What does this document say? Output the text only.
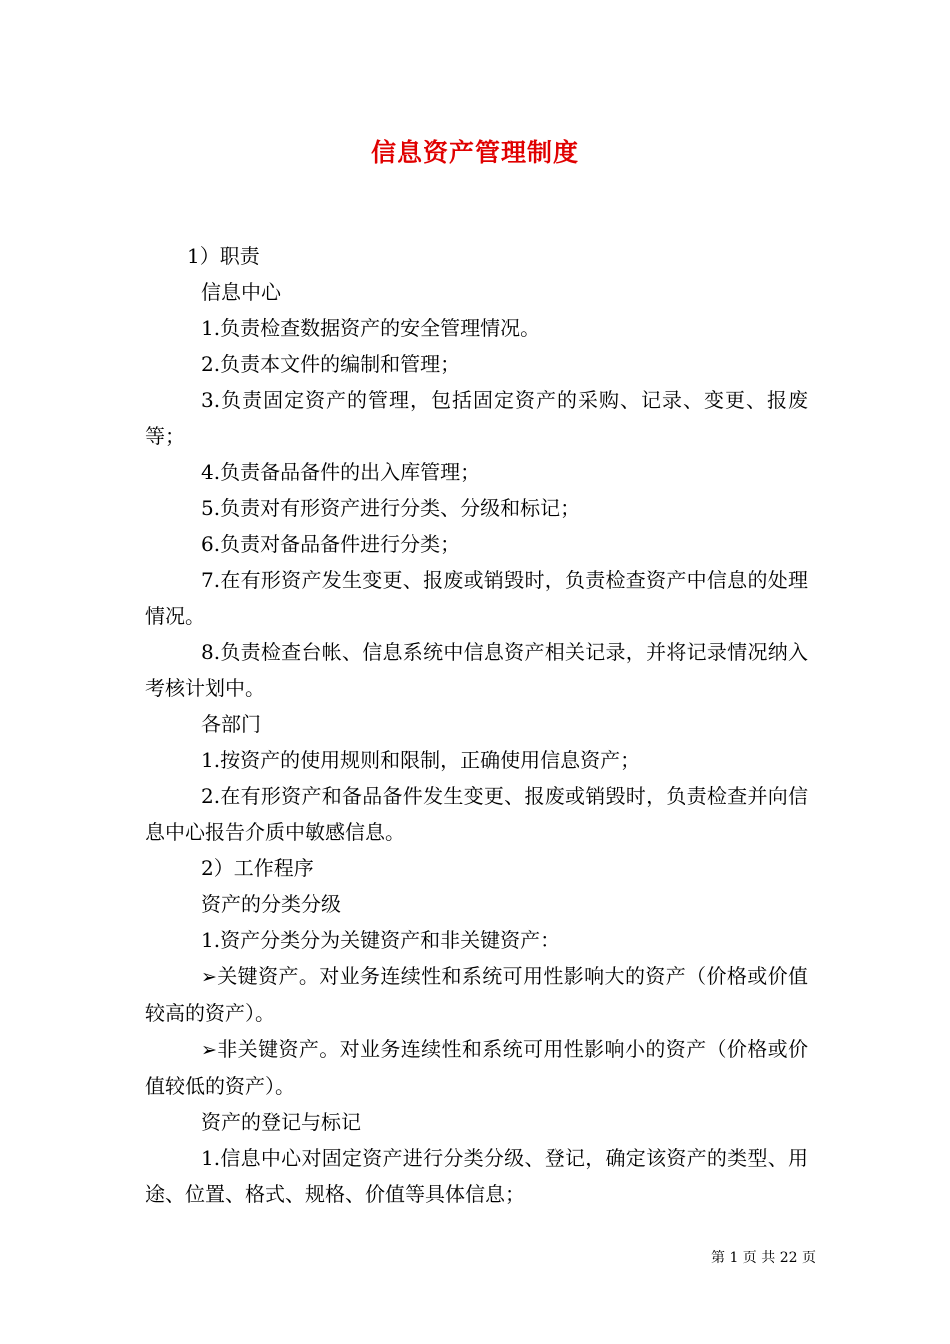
信息资产管理制度

1）职责

信息中心

1.负责检查数据资产的安全管理情况。

2.负责本文件的编制和管理；

3.负责固定资产的管理，包括固定资产的采购、记录、变更、报废等；

4.负责备品备件的出入库管理；

5.负责对有形资产进行分类、分级和标记；

6.负责对备品备件进行分类；

7.在有形资产发生变更、报废或销毁时，负责检查资产中信息的处理情况。

8.负责检查台帐、信息系统中信息资产相关记录，并将记录情况纳入考核计划中。

各部门

1.按资产的使用规则和限制，正确使用信息资产；

2.在有形资产和备品备件发生变更、报废或销毁时，负责检查并向信息中心报告介质中敏感信息。

2）工作程序

资产的分类分级

1.资产分类分为关键资产和非关键资产：

➢关键资产。对业务连续性和系统可用性影响大的资产（价格或价值较高的资产）。

➢非关键资产。对业务连续性和系统可用性影响小的资产（价格或价值较低的资产）。

资产的登记与标记

1.信息中心对固定资产进行分类分级、登记，确定该资产的类型、用途、位置、格式、规格、价值等具体信息；

第 1 页 共 22 页
